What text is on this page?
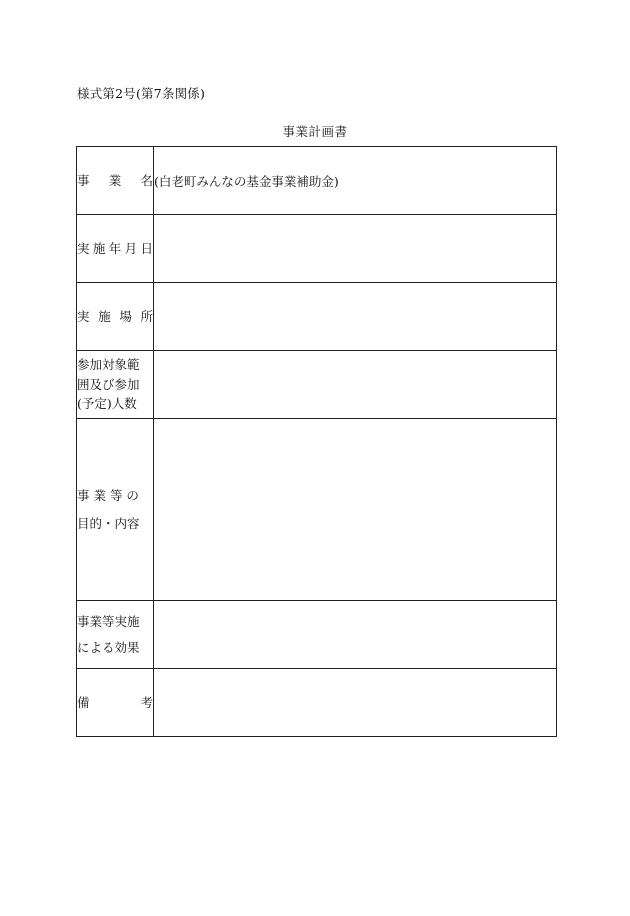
様式第2号(第7条関係)
事業計画書
事 業 名	(白老町みんなの基金事業補助金)

実 施 年 月 日	

実 施 場 所	

参加対象範
囲及び参加
(予定)人数	

事 業 等 の
目的・内容	

事業等実施
による効果	

備 考	
